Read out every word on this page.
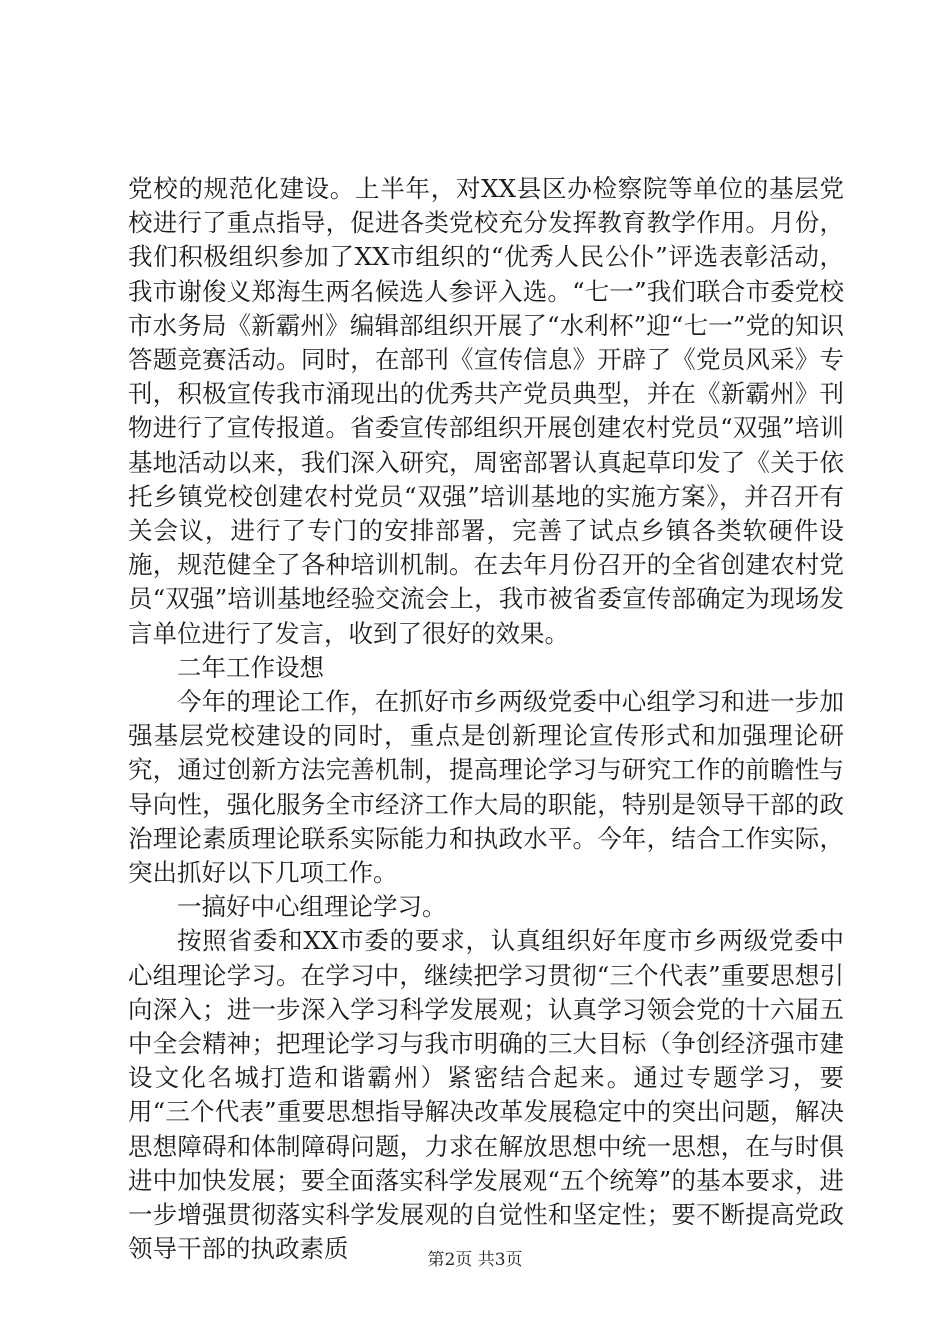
党校的规范化建设。上半年，对XX县区办检察院等单位的基层党校进行了重点指导，促进各类党校充分发挥教育教学作用。月份，我们积极组织参加了XX市组织的“优秀人民公仆”评选表彰活动，我市谢俊义郑海生两名候选人参评入选。“七一”我们联合市委党校市水务局《新霸州》编辑部组织开展了“水利杯”迎“七一”党的知识答题竞赛活动。同时，在部刊《宣传信息》开辟了《党员风采》专刊，积极宣传我市涌现出的优秀共产党员典型，并在《新霸州》刊物进行了宣传报道。省委宣传部组织开展创建农村党员“双强”培训基地活动以来，我们深入研究，周密部署认真起草印发了《关于依托乡镇党校创建农村党员“双强”培训基地的实施方案》，并召开有关会议，进行了专门的安排部署，完善了试点乡镇各类软硬件设施，规范健全了各种培训机制。在去年月份召开的全省创建农村党员“双强”培训基地经验交流会上，我市被省委宣传部确定为现场发言单位进行了发言，收到了很好的效果。

二年工作设想

今年的理论工作，在抓好市乡两级党委中心组学习和进一步加强基层党校建设的同时，重点是创新理论宣传形式和加强理论研究，通过创新方法完善机制，提高理论学习与研究工作的前瞻性与导向性，强化服务全市经济工作大局的职能，特别是领导干部的政治理论素质理论联系实际能力和执政水平。今年，结合工作实际，突出抓好以下几项工作。

一搞好中心组理论学习。

按照省委和XX市委的要求，认真组织好年度市乡两级党委中心组理论学习。在学习中，继续把学习贯彻“三个代表”重要思想引向深入；进一步深入学习科学发展观；认真学习领会党的十六届五中全会精神；把理论学习与我市明确的三大目标（争创经济强市建设文化名城打造和谐霸州）紧密结合起来。通过专题学习，要用“三个代表”重要思想指导解决改革发展稳定中的突出问题，解决思想障碍和体制障碍问题，力求在解放思想中统一思想，在与时俱进中加快发展；要全面落实科学发展观“五个统筹”的基本要求，进一步增强贯彻落实科学发展观的自觉性和坚定性；要不断提高党政领导干部的执政素质	第2页 共3页
